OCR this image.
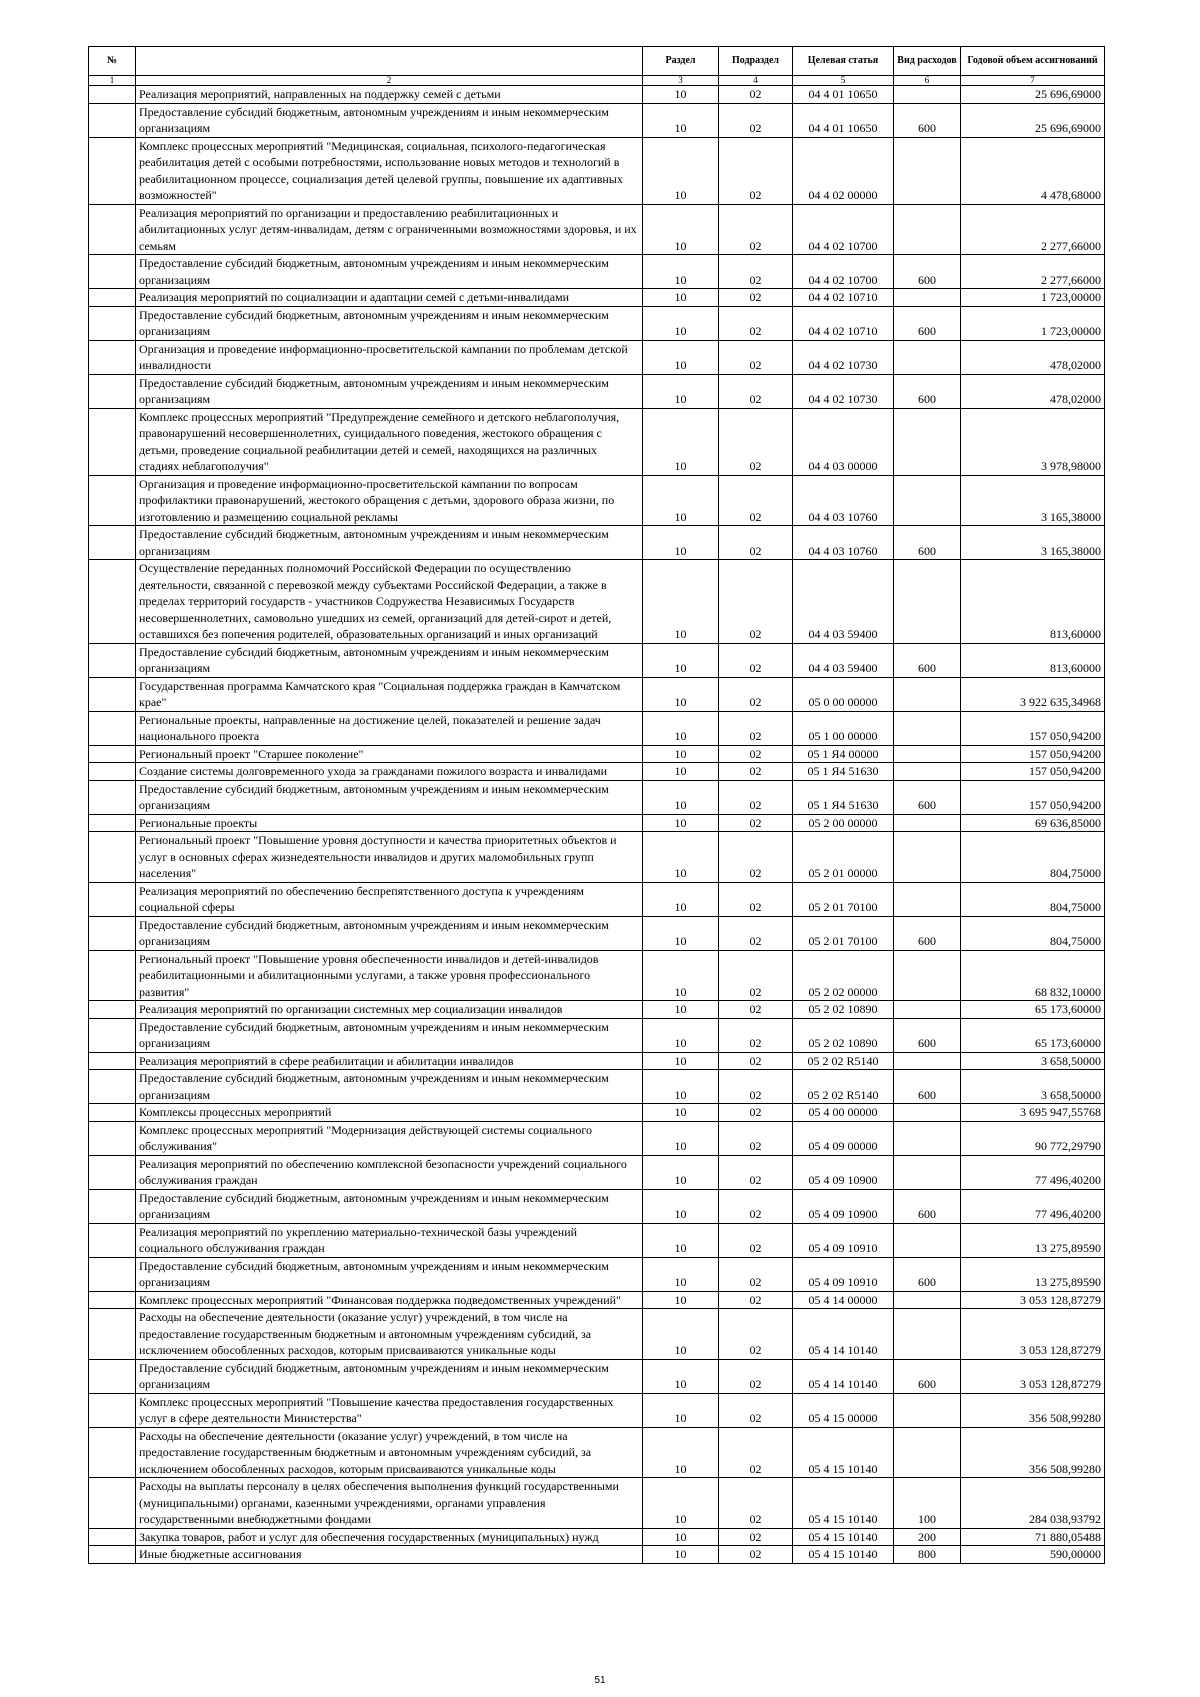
№		Раздел	Подраздел	Целевая статья	Вид расходов	Годовой объем ассигнований
1	2	3	4	5	6	7
	Реализация мероприятий, направленных на поддержку семей с детьми	10	02	04 4 01 10650		25 696,69000
	Предоставление субсидий бюджетным, автономным учреждениям и иным некоммерческим организациям	10	02	04 4 01 10650	600	25 696,69000
	Комплекс процессных мероприятий "Медицинская, социальная, психолого-педагогическая реабилитация детей с особыми потребностями, использование новых методов и технологий в реабилитационном процессе, социализация детей целевой группы, повышение их адаптивных возможностей"	10	02	04 4 02 00000		4 478,68000
	Реализация мероприятий по организации и предоставлению реабилитационных и абилитационных услуг детям-инвалидам, детям с ограниченными возможностями здоровья, и их семьям	10	02	04 4 02 10700		2 277,66000
	Предоставление субсидий бюджетным, автономным учреждениям и иным некоммерческим организациям	10	02	04 4 02 10700	600	2 277,66000
	Реализация мероприятий по социализации и адаптации семей с детьми-инвалидами	10	02	04 4 02 10710		1 723,00000
	Предоставление субсидий бюджетным, автономным учреждениям и иным некоммерческим организациям	10	02	04 4 02 10710	600	1 723,00000
	Организация и проведение информационно-просветительской кампании по проблемам детской инвалидности	10	02	04 4 02 10730		478,02000
	Предоставление субсидий бюджетным, автономным учреждениям и иным некоммерческим организациям	10	02	04 4 02 10730	600	478,02000
	Комплекс процессных мероприятий "Предупреждение семейного и детского неблагополучия, правонарушений несовершеннолетних, суицидального поведения, жестокого обращения с детьми, проведение социальной реабилитации детей и семей, находящихся на различных стадиях неблагополучия"	10	02	04 4 03 00000		3 978,98000
	Организация и проведение информационно-просветительской кампании по вопросам профилактики правонарушений, жестокого обращения с детьми, здорового образа жизни, по изготовлению и размещению социальной рекламы	10	02	04 4 03 10760		3 165,38000
	Предоставление субсидий бюджетным, автономным учреждениям и иным некоммерческим организациям	10	02	04 4 03 10760	600	3 165,38000
	Осуществление переданных полномочий Российской Федерации по осуществлению деятельности, связанной с перевозкой между субъектами Российской Федерации, а также в пределах территорий государств - участников Содружества Независимых Государств несовершеннолетних, самовольно ушедших из семей, организаций для детей-сирот и детей, оставшихся без попечения родителей, образовательных организаций и иных организаций	10	02	04 4 03 59400		813,60000
	Предоставление субсидий бюджетным, автономным учреждениям и иным некоммерческим организациям	10	02	04 4 03 59400	600	813,60000
	Государственная программа Камчатского края "Социальная поддержка граждан в Камчатском крае"	10	02	05 0 00 00000		3 922 635,34968
	Региональные проекты, направленные на достижение целей, показателей и решение задач национального проекта	10	02	05 1 00 00000		157 050,94200
	Региональный проект "Старшее поколение"	10	02	05 1 Я4 00000		157 050,94200
	Создание системы долговременного ухода за гражданами пожилого возраста и инвалидами	10	02	05 1 Я4 51630		157 050,94200
	Предоставление субсидий бюджетным, автономным учреждениям и иным некоммерческим организациям	10	02	05 1 Я4 51630	600	157 050,94200
	Региональные проекты	10	02	05 2 00 00000		69 636,85000
	Региональный проект "Повышение уровня доступности и качества приоритетных объектов и услуг в основных сферах жизнедеятельности инвалидов и других маломобильных групп населения"	10	02	05 2 01 00000		804,75000
	Реализация мероприятий по обеспечению беспрепятственного доступа к учреждениям социальной сферы	10	02	05 2 01 70100		804,75000
	Предоставление субсидий бюджетным, автономным учреждениям и иным некоммерческим организациям	10	02	05 2 01 70100	600	804,75000
	Региональный проект "Повышение уровня обеспеченности инвалидов и детей-инвалидов реабилитационными и абилитационными услугами, а также уровня профессионального развития"	10	02	05 2 02 00000		68 832,10000
	Реализация мероприятий по организации системных мер социализации инвалидов	10	02	05 2 02 10890		65 173,60000
	Предоставление субсидий бюджетным, автономным учреждениям и иным некоммерческим организациям	10	02	05 2 02 10890	600	65 173,60000
	Реализация мероприятий в сфере реабилитации и абилитации инвалидов	10	02	05 2 02 R5140		3 658,50000
	Предоставление субсидий бюджетным, автономным учреждениям и иным некоммерческим организациям	10	02	05 2 02 R5140	600	3 658,50000
	Комплексы процессных мероприятий	10	02	05 4 00 00000		3 695 947,55768
	Комплекс процессных мероприятий "Модернизация действующей системы социального обслуживания"	10	02	05 4 09 00000		90 772,29790
	Реализация мероприятий по обеспечению комплексной безопасности учреждений социального обслуживания граждан	10	02	05 4 09 10900		77 496,40200
	Предоставление субсидий бюджетным, автономным учреждениям и иным некоммерческим организациям	10	02	05 4 09 10900	600	77 496,40200
	Реализация мероприятий по укреплению материально-технической базы учреждений социального обслуживания граждан	10	02	05 4 09 10910		13 275,89590
	Предоставление субсидий бюджетным, автономным учреждениям и иным некоммерческим организациям	10	02	05 4 09 10910	600	13 275,89590
	Комплекс процессных мероприятий "Финансовая поддержка подведомственных учреждений"	10	02	05 4 14 00000		3 053 128,87279
	Расходы на обеспечение деятельности (оказание услуг) учреждений, в том числе на предоставление государственным бюджетным и автономным учреждениям субсидий, за исключением обособленных расходов, которым присваиваются уникальные коды	10	02	05 4 14 10140		3 053 128,87279
	Предоставление субсидий бюджетным, автономным учреждениям и иным некоммерческим организациям	10	02	05 4 14 10140	600	3 053 128,87279
	Комплекс процессных мероприятий "Повышение качества предоставления государственных услуг в сфере деятельности Министерства"	10	02	05 4 15 00000		356 508,99280
	Расходы на обеспечение деятельности (оказание услуг) учреждений, в том числе на предоставление государственным бюджетным и автономным учреждениям субсидий, за исключением обособленных расходов, которым присваиваются уникальные коды	10	02	05 4 15 10140		356 508,99280
	Расходы на выплаты персоналу в целях обеспечения выполнения функций государственными (муниципальными) органами, казенными учреждениями, органами управления государственными внебюджетными фондами	10	02	05 4 15 10140	100	284 038,93792
	Закупка товаров, работ и услуг для обеспечения государственных (муниципальных) нужд	10	02	05 4 15 10140	200	71 880,05488
	Иные бюджетные ассигнования	10	02	05 4 15 10140	800	590,00000
51
